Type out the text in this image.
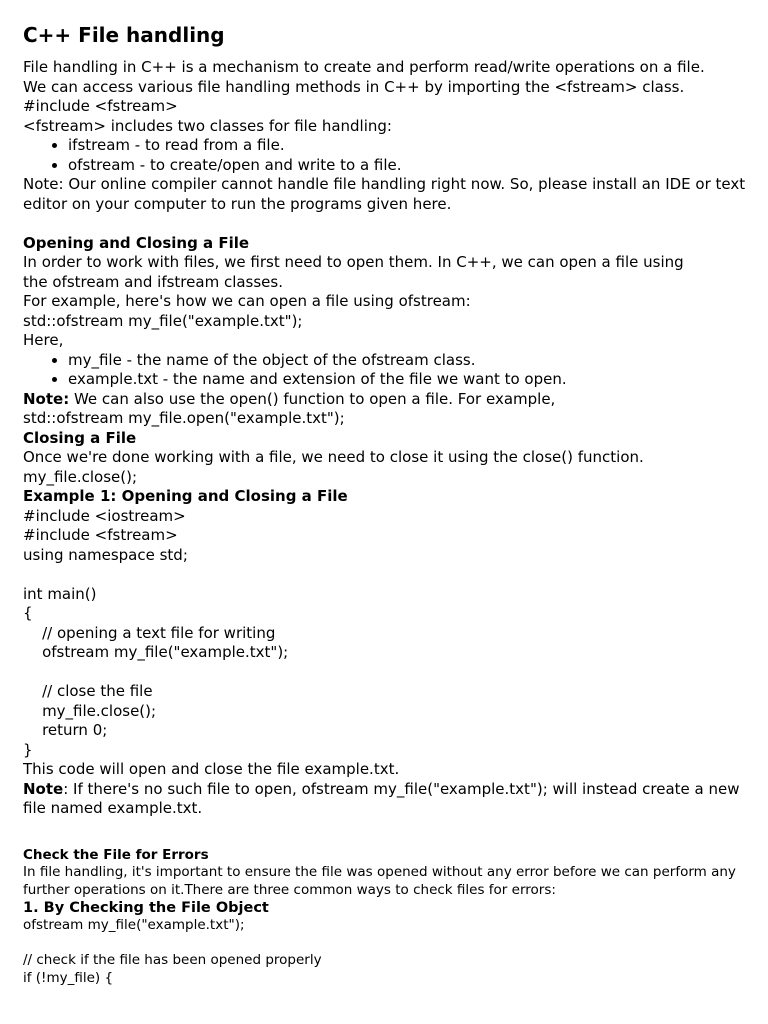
C++ File handling

File handling in C++ is a mechanism to create and perform read/write operations on a file.

We can access various file handling methods in C++ by importing the <fstream> class.

#include <fstream>

<fstream> includes two classes for file handling:

• ifstream - to read from a file.
• ofstream - to create/open and write to a file.

Note: Our online compiler cannot handle file handling right now. So, please install an IDE or text editor on your computer to run the programs given here.

Opening and Closing a File

In order to work with files, we first need to open them. In C++, we can open a file using the ofstream and ifstream classes.

For example, here's how we can open a file using ofstream:

std::ofstream my_file("example.txt");

Here,

• my_file - the name of the object of the ofstream class.
• example.txt - the name and extension of the file we want to open.

Note: We can also use the open() function to open a file. For example,

std::ofstream my_file.open("example.txt");

Closing a File

Once we're done working with a file, we need to close it using the close() function.

my_file.close();

Example 1: Opening and Closing a File

#include <iostream>
#include <fstream>
using namespace std;

int main()
{
// opening a text file for writing
ofstream my_file("example.txt");

// close the file
my_file.close();
return 0;
}

This code will open and close the file example.txt.

Note: If there's no such file to open, ofstream my_file("example.txt"); will instead create a new file named example.txt.

Check the File for Errors

In file handling, it's important to ensure the file was opened without any error before we can perform any further operations on it.There are three common ways to check files for errors:

1. By Checking the File Object

ofstream my_file("example.txt");

// check if the file has been opened properly
if (!my_file) {
